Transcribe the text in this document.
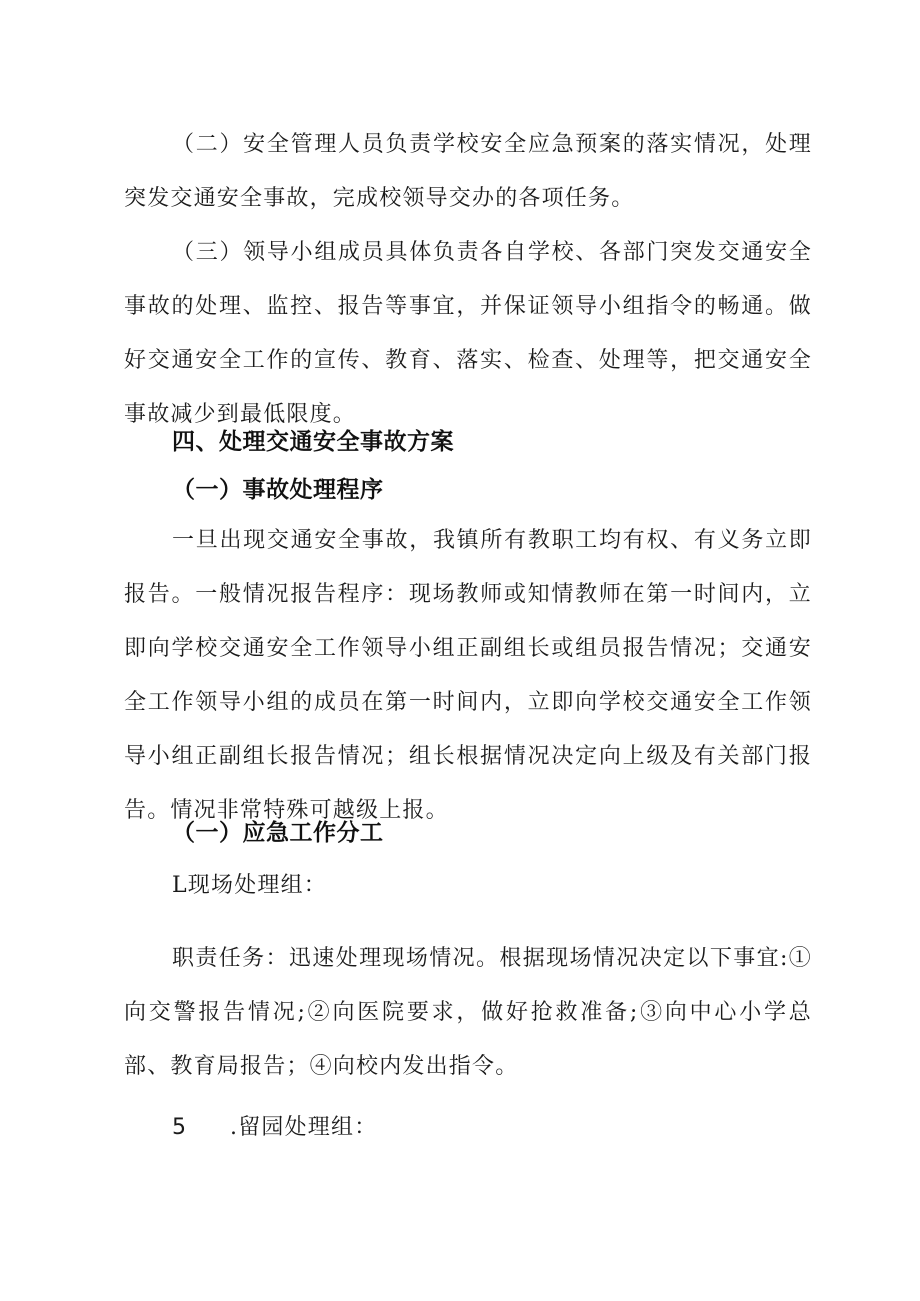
（二）安全管理人员负责学校安全应急预案的落实情况，处理突发交通安全事故，完成校领导交办的各项任务。

（三）领导小组成员具体负责各自学校、各部门突发交通安全事故的处理、监控、报告等事宜，并保证领导小组指令的畅通。做好交通安全工作的宣传、教育、落实、检查、处理等，把交通安全事故减少到最低限度。

四、处理交通安全事故方案
（一）事故处理程序

一旦出现交通安全事故，我镇所有教职工均有权、有义务立即报告。一般情况报告程序：现场教师或知情教师在第一时间内，立即向学校交通安全工作领导小组正副组长或组员报告情况；交通安全工作领导小组的成员在第一时间内，立即向学校交通安全工作领导小组正副组长报告情况；组长根据情况决定向上级及有关部门报告。情况非常特殊可越级上报。

（一）应急工作分工

L现场处理组：

职责任务：迅速处理现场情况。根据现场情况决定以下事宜:①向交警报告情况;②向医院要求，做好抢救准备;③向中心小学总部、教育局报告；④向校内发出指令。

5 .留园处理组：
